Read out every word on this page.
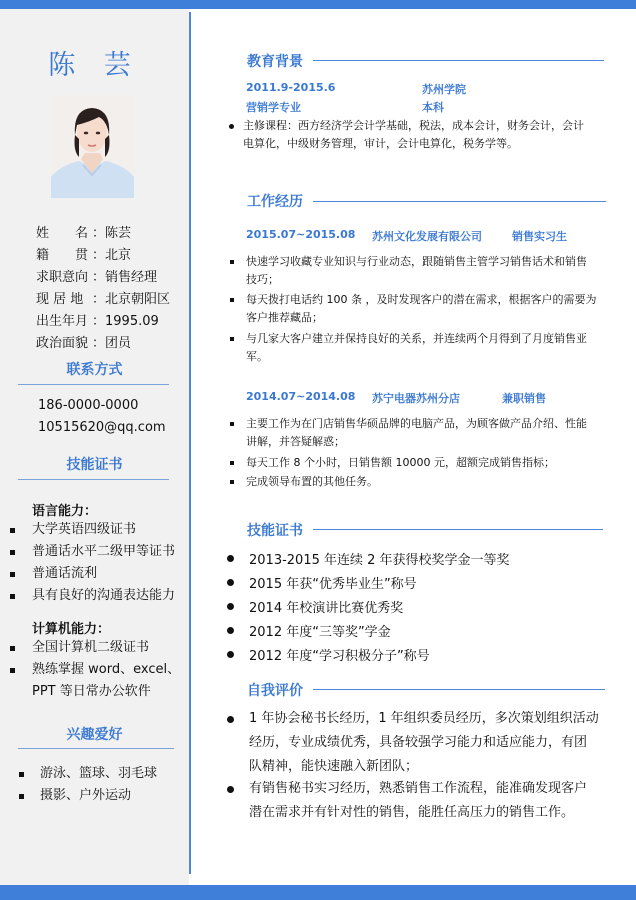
陈 芸
姓　　名 ：陈芸
籍　　贯 ：北京
求职意向 ：销售经理
现 居 地 ：北京朝阳区
出生年月 ：1995.09
政治面貌 ：团员
联系方式
186-0000-0000
10515620@qq.com
技能证书
语言能力：
大学英语四级证书
普通话水平二级甲等证书
普通话流利
具有良好的沟通表达能力
计算机能力：
全国计算机二级证书
熟练掌握 word、excel、
PPT 等日常办公软件
兴趣爱好
游泳、篮球、羽毛球
摄影、户外运动
教育背景
2011.9-2015.6	苏州学院
营销学专业	本科
主修课程：西方经济学会计学基础，税法，成本会计，财务会计，会计
电算化，中级财务管理，审计，会计电算化，税务学等。
工作经历
2015.07~2015.08 苏州文化发展有限公司	销售实习生
快速学习收藏专业知识与行业动态，跟随销售主管学习销售话术和销售
技巧；
每天拨打电话约 100 条 ，及时发现客户的潜在需求，根据客户的需要为
客户推荐藏品；
与几家大客户建立并保持良好的关系，并连续两个月得到了月度销售亚
军。
2014.07~2014.08 苏宁电器苏州分店	兼职销售
主要工作为在门店销售华硕品牌的电脑产品，为顾客做产品介绍、性能
讲解，并答疑解惑；
每天工作 8 个小时，日销售额 10000 元，超额完成销售指标；
完成领导布置的其他任务。
技能证书
2013-2015 年连续 2 年获得校奖学金一等奖
2015 年获“优秀毕业生”称号
2014 年校演讲比赛优秀奖
2012 年度“三等奖”学金
2012 年度“学习积极分子”称号
自我评价
1 年协会秘书长经历，1 年组织委员经历，多次策划组织活动
经历，专业成绩优秀，具备较强学习能力和适应能力，有团
队精神，能快速融入新团队；
有销售秘书实习经历，熟悉销售工作流程，能准确发现客户
潜在需求并有针对性的销售，能胜任高压力的销售工作。
